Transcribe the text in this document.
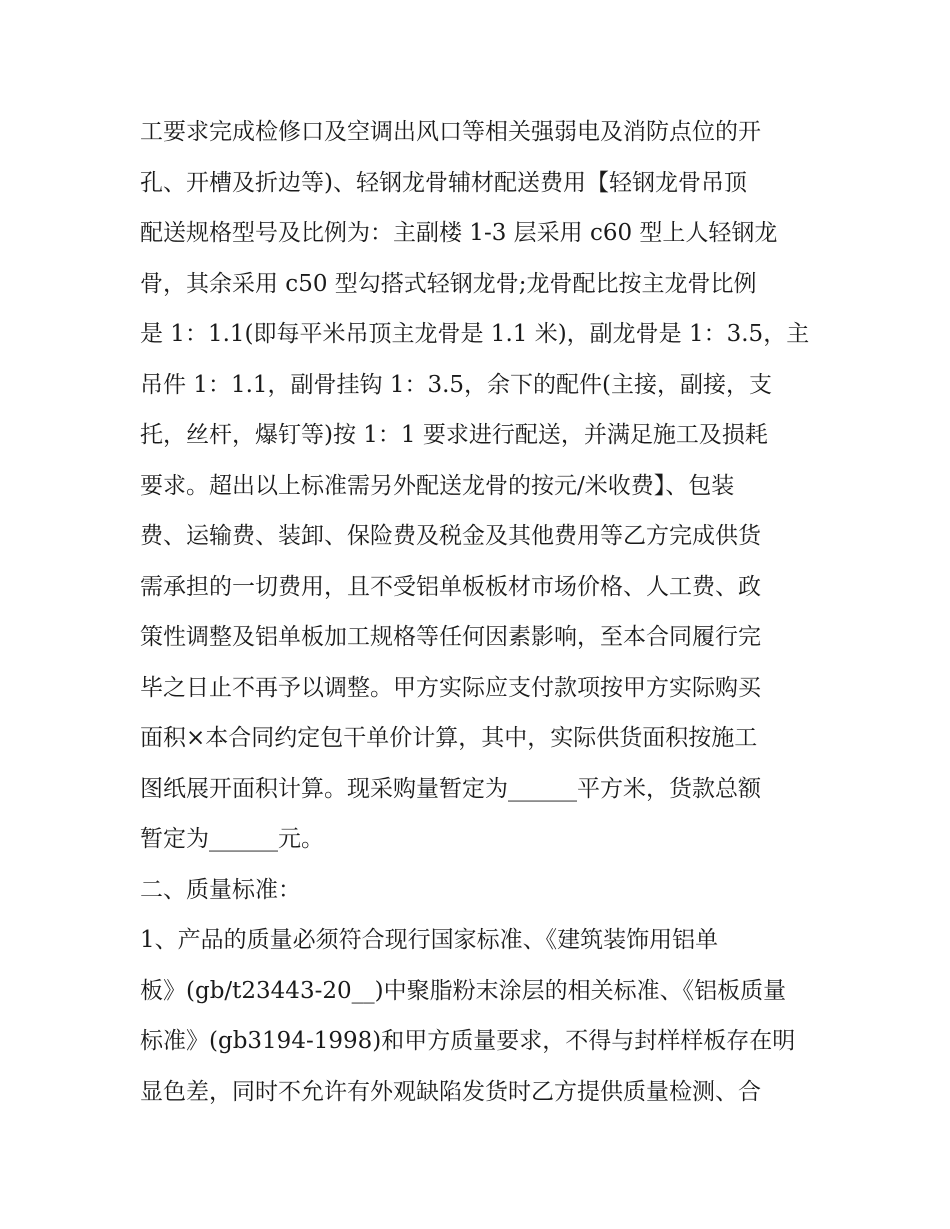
工要求完成检修口及空调出风口等相关强弱电及消防点位的开
孔、开槽及折边等)、轻钢龙骨辅材配送费用【轻钢龙骨吊顶
配送规格型号及比例为：主副楼 1-3 层采用 c60 型上人轻钢龙
骨，其余采用 c50 型勾搭式轻钢龙骨;龙骨配比按主龙骨比例
是 1：1.1(即每平米吊顶主龙骨是 1.1 米)，副龙骨是 1：3.5，主
吊件 1：1.1，副骨挂钩 1：3.5，余下的配件(主接，副接，支
托，丝杆，爆钉等)按 1：1 要求进行配送，并满足施工及损耗
要求。超出以上标准需另外配送龙骨的按元/米收费】、包装
费、运输费、装卸、保险费及税金及其他费用等乙方完成供货
需承担的一切费用，且不受铝单板板材市场价格、人工费、政
策性调整及铝单板加工规格等任何因素影响，至本合同履行完
毕之日止不再予以调整。甲方实际应支付款项按甲方实际购买
面积×本合同约定包干单价计算，其中，实际供货面积按施工
图纸展开面积计算。现采购量暂定为______平方米，货款总额
暂定为______元。
二、质量标准：
1、产品的质量必须符合现行国家标准、《建筑装饰用铝单
板》(gb/t23443-20__)中聚脂粉末涂层的相关标准、《铝板质量
标准》(gb3194-1998)和甲方质量要求，不得与封样样板存在明
显色差，同时不允许有外观缺陷发货时乙方提供质量检测、合
